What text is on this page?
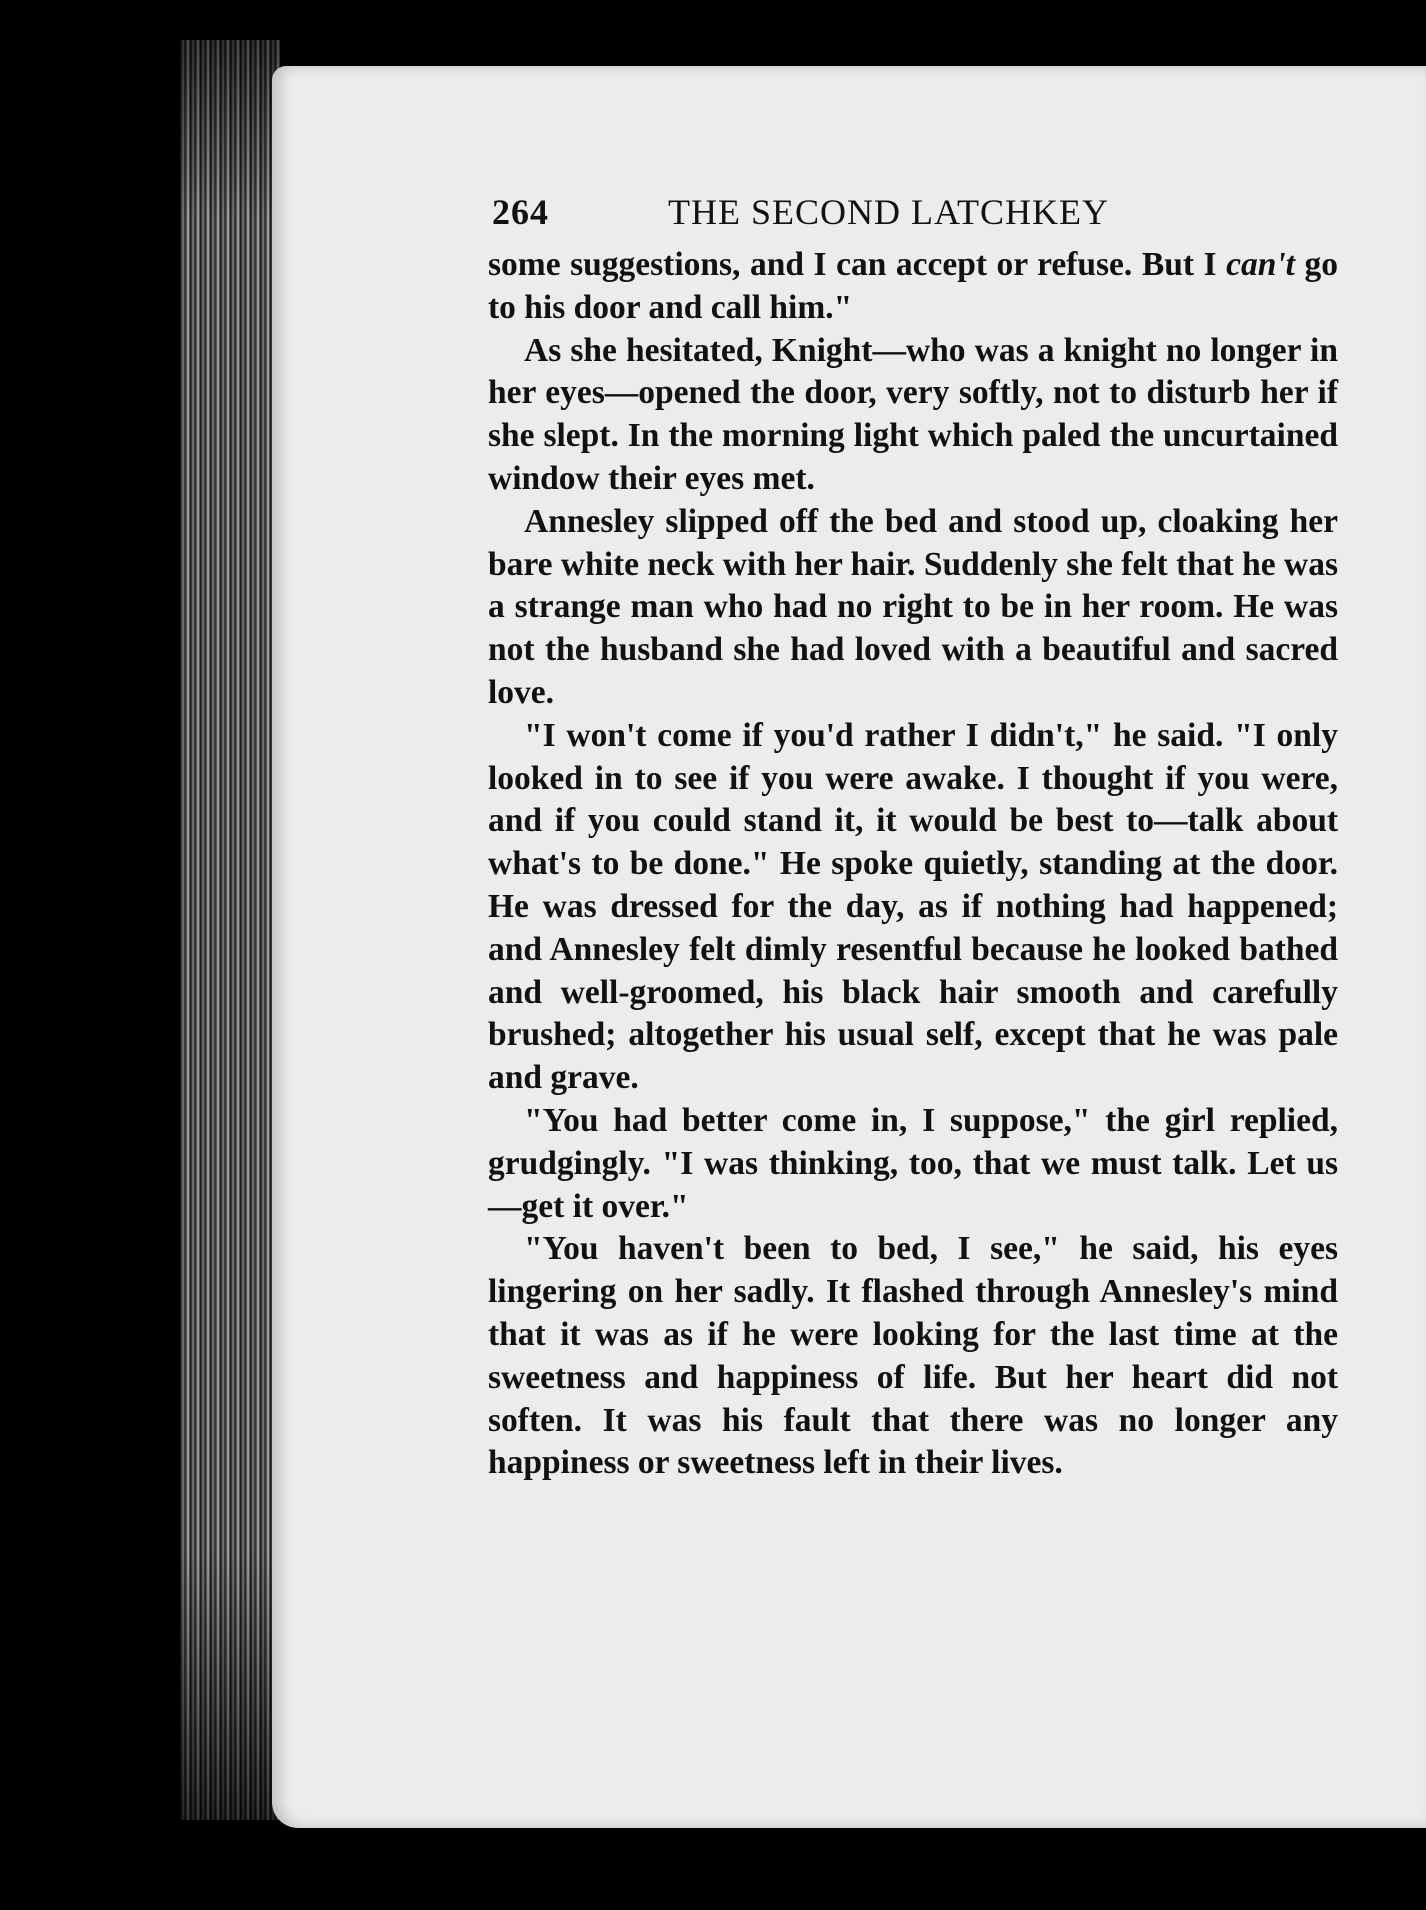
264	THE SECOND LATCHKEY

some suggestions, and I can accept or refuse. But I can't go to his door and call him."

As she hesitated, Knight—who was a knight no longer in her eyes—opened the door, very softly, not to disturb her if she slept. In the morning light which paled the uncurtained window their eyes met.

Annesley slipped off the bed and stood up, cloaking her bare white neck with her hair. Suddenly she felt that he was a strange man who had no right to be in her room. He was not the husband she had loved with a beautiful and sacred love.

"I won't come if you'd rather I didn't," he said. "I only looked in to see if you were awake. I thought if you were, and if you could stand it, it would be best to—talk about what's to be done." He spoke quietly, standing at the door. He was dressed for the day, as if nothing had happened; and Annesley felt dimly resentful because he looked bathed and well-groomed, his black hair smooth and carefully brushed; altogether his usual self, except that he was pale and grave.

"You had better come in, I suppose," the girl replied, grudgingly. "I was thinking, too, that we must talk. Let us—get it over."

"You haven't been to bed, I see," he said, his eyes lingering on her sadly. It flashed through Annesley's mind that it was as if he were looking for the last time at the sweetness and happiness of life. But her heart did not soften. It was his fault that there was no longer any happiness or sweetness left in their lives.
